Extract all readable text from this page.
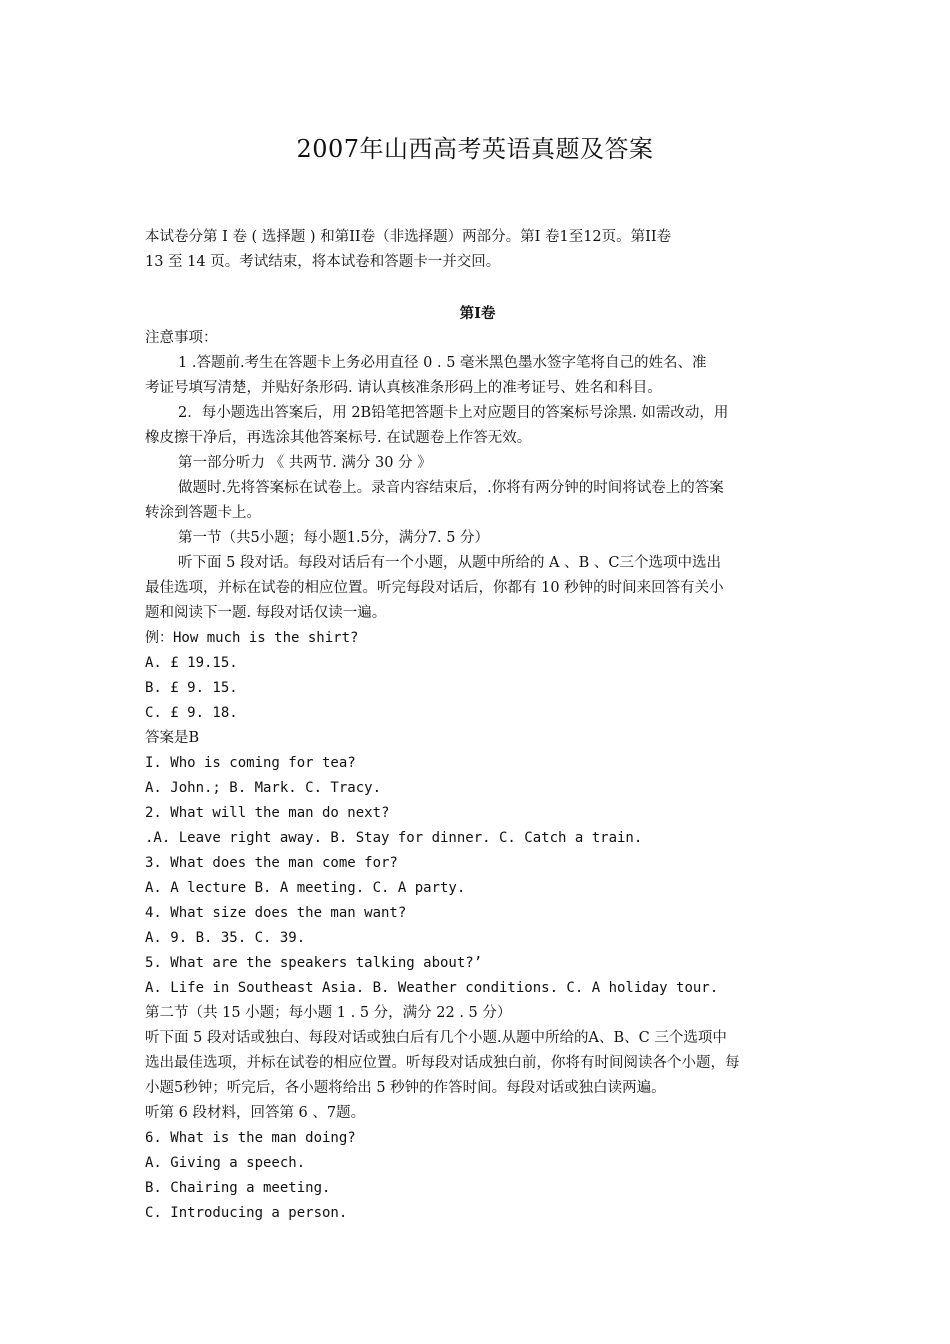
2007年山西高考英语真题及答案
本试卷分第 I 卷 ( 选择题 ) 和第II卷（非选择题）两部分。第I 卷1至12页。第II卷
13 至 14 页。考试结束，将本试卷和答题卡一并交回。
第I卷
注意事项：
1 .答题前.考生在答题卡上务必用直径 0 . 5 毫米黑色墨水签字笔将自己的姓名、准
考证号填写清楚，并贴好条形码. 请认真核准条形码上的准考证号、姓名和科目。
2．每小题选出答案后，用 2B铅笔把答题卡上对应题目的答案标号涂黑. 如需改动，用
橡皮擦干净后，再选涂其他答案标号. 在试题卷上作答无效。
第一部分听力 《 共两节. 满分 30 分 》
做题时.先将答案标在试卷上。录音内容结束后，.你将有两分钟的时间将试卷上的答案
转涂到答题卡上。
第一节（共5小题；每小题1.5分，满分7. 5 分）
听下面 5 段对话。每段对话后有一个小题，从题中所给的 A 、B 、C三个选项中选出
最佳选项，并标在试卷的相应位置。听完每段对话后，你都有 10 秒钟的时间来回答有关小
题和阅读下一题. 每段对话仅读一遍。
例：How much is the shirt?
A. £ 19.15.
B. £ 9. 15.
C. £ 9. 18.
答案是B
I. Who is coming for tea?
A. John.; B. Mark. C. Tracy.
2. What will the man do next?
.A. Leave right away. B. Stay for dinner. C. Catch a train.
3. What does the man come for?
A. A lecture B. A meeting. C. A party.
4. What size does the man want?
A. 9. B. 35. C. 39.
5. What are the speakers talking about?’
A. Life in Southeast Asia. B. Weather conditions. C. A holiday tour.
第二节（共 15 小题；每小题 1 . 5 分，满分 22 . 5 分）
听下面 5 段对话或独白、每段对话或独白后有几个小题.从题中所给的A、B、C 三个选项中
选出最佳选项，并标在试卷的相应位置。听每段对话成独白前，你将有时间阅读各个小题，每
小题5秒钟；听完后，各小题将给出 5 秒钟的作答时间。每段对话或独白读两遍。
听第 6 段材料，回答第 6 、7题。
6. What is the man doing?
A. Giving a speech.
B. Chairing a meeting.
C. Introducing a person.
